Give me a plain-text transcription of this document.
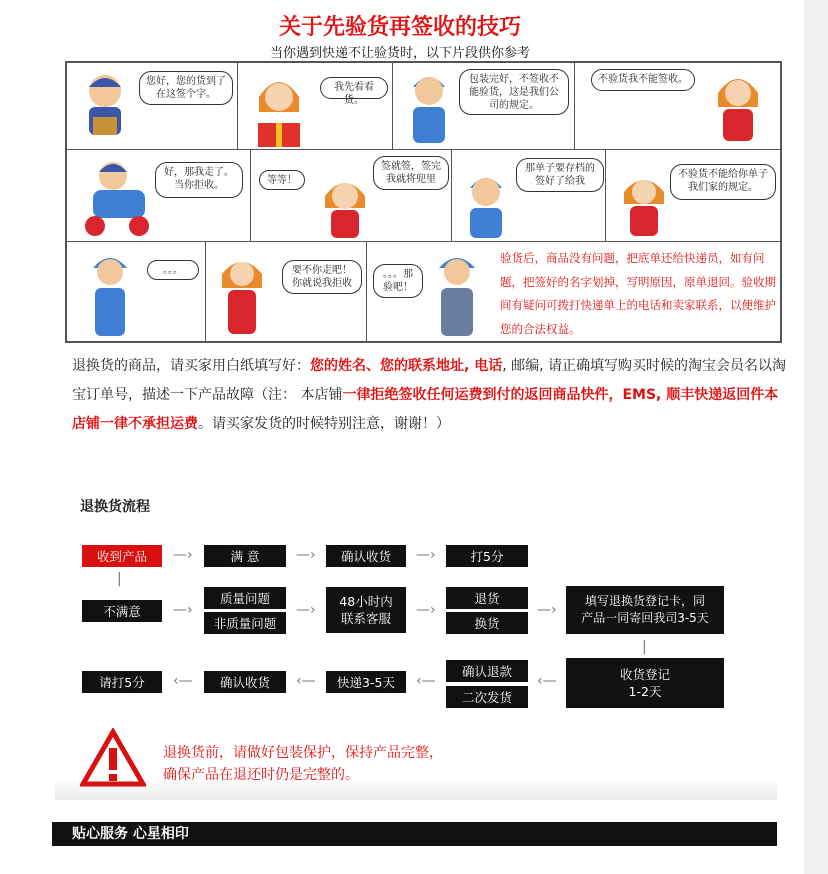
关于先验货再签收的技巧
当你遇到快递不让验货时，以下片段供你参考
您好，您的货到了在这签个字。
我先看看货。
包装完好，不签收不能验货，这是我们公司的规定。
不验货我不能签收。
好，那我走了。当你拒收。	等等！
签就签，签完我就将兜里
那单子要存档的签好了给我
不验货不能给你单子我们家的规定。
。。。	要不你走吧！你就说我拒收
。。。那验吧！
验货后，商品没有问题，把底单还给快递员，如有问题，把签好的名字划掉，写明原因，原单退回。验收期间有疑问可拨打快递单上的电话和卖家联系，以便维护您的合法权益。
退换货的商品，请买家用白纸填写好：您的姓名、您的联系地址, 电话, 邮编, 请正确填写购买时候的淘宝会员名以淘宝订单号，描述一下产品故障（注： 本店铺一律拒绝签收任何运费到付的返回商品快件，EMS, 顺丰快递返回件本店铺一律不承担运费。请买家发货的时候特别注意，谢谢！）
退换货流程
收到产品	—›	满 意	—›	确认收货	—›	打5分
|
不满意	—›
质量问题
非质量问题
—›
48小时内
联系客服
—›
退货
换货
—›
填写退换货登记卡，同
产品一同寄回我司3-5天
|
请打5分	‹—	确认收货	‹—	快递3-5天	‹—
确认退款
二次发货
‹—	收货登记
1-2天
退换货前，请做好包装保护，保持产品完整，
确保产品在退还时仍是完整的。
贴心服务 心星相印
